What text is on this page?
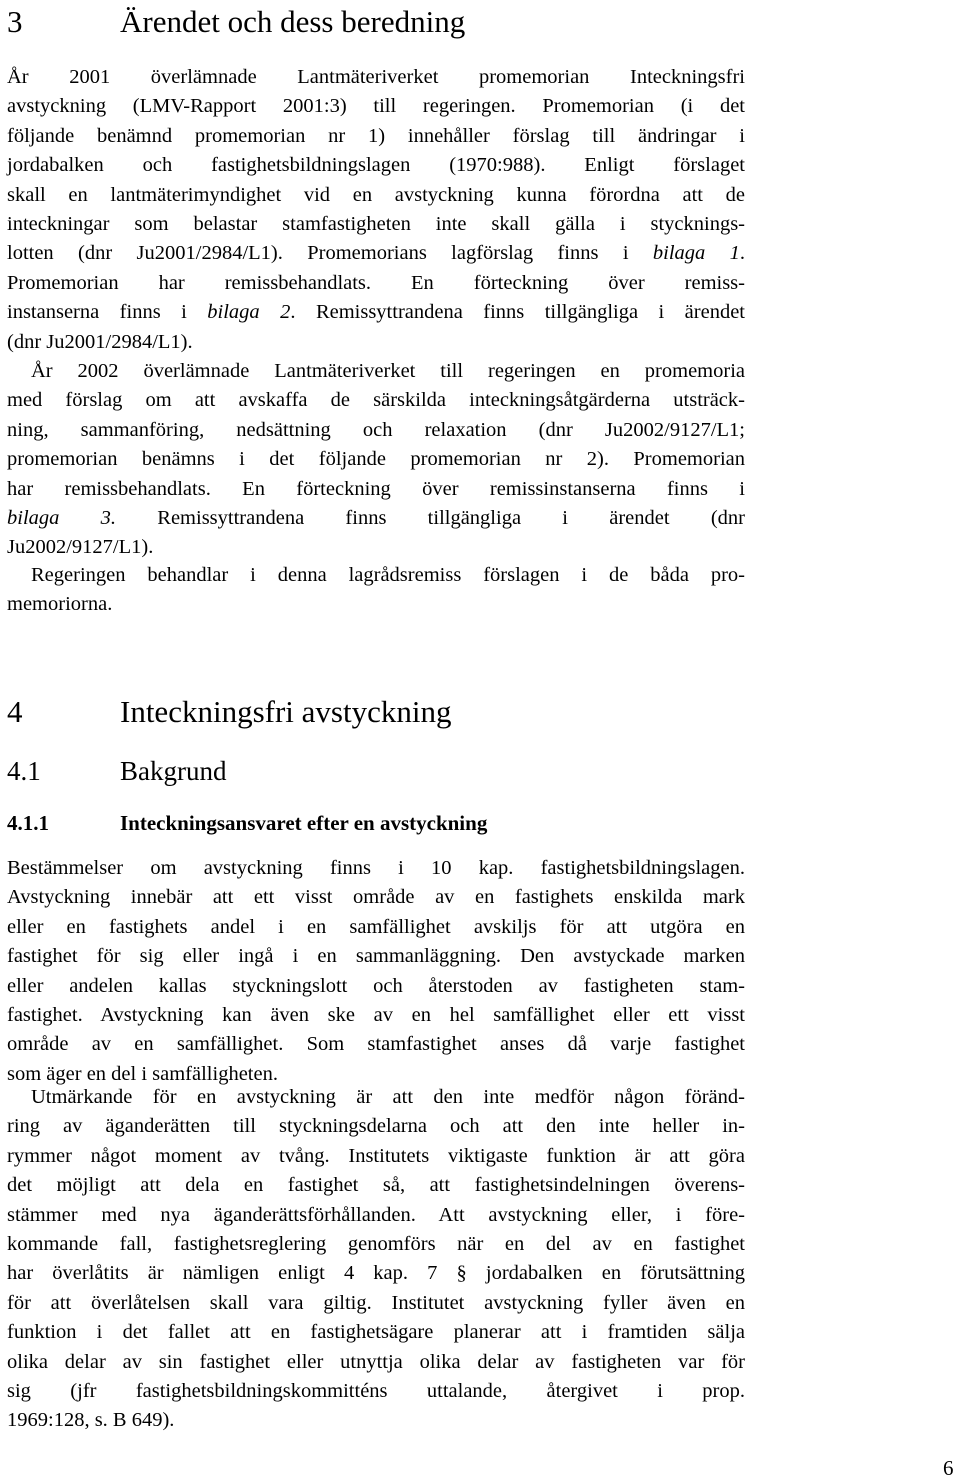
3	Ärendet och dess beredning
År 2001 överlämnade Lantmäteriverket promemorian Inteckningsfri
avstyckning (LMV-Rapport 2001:3) till regeringen. Promemorian (i det
följande benämnd promemorian nr 1) innehåller förslag till ändringar i
jordabalken och fastighetsbildningslagen (1970:988). Enligt förslaget
skall en lantmäterimyndighet vid en avstyckning kunna förordna att de
inteckningar som belastar stamfastigheten inte skall gälla i stycknings-
lotten (dnr Ju2001/2984/L1). Promemorians lagförslag finns i bilaga 1.
Promemorian har remissbehandlats. En förteckning över remiss-
instanserna finns i bilaga 2. Remissyttrandena finns tillgängliga i ärendet
(dnr Ju2001/2984/L1).
År 2002 överlämnade Lantmäteriverket till regeringen en promemoria
med förslag om att avskaffa de särskilda inteckningsåtgärderna utsträck-
ning, sammanföring, nedsättning och relaxation (dnr Ju2002/9127/L1;
promemorian benämns i det följande promemorian nr 2). Promemorian
har remissbehandlats. En förteckning över remissinstanserna finns i
bilaga 3. Remissyttrandena finns tillgängliga i ärendet (dnr
Ju2002/9127/L1).
Regeringen behandlar i denna lagrådsremiss förslagen i de båda pro-
memoriorna.
4	Inteckningsfri avstyckning
4.1	Bakgrund
4.1.1	Inteckningsansvaret efter en avstyckning
Bestämmelser om avstyckning finns i 10 kap. fastighetsbildningslagen.
Avstyckning innebär att ett visst område av en fastighets enskilda mark
eller en fastighets andel i en samfällighet avskiljs för att utgöra en
fastighet för sig eller ingå i en sammanläggning. Den avstyckade marken
eller andelen kallas styckningslott och återstoden av fastigheten stam-
fastighet. Avstyckning kan även ske av en hel samfällighet eller ett visst
område av en samfällighet. Som stamfastighet anses då varje fastighet
som äger en del i samfälligheten.
Utmärkande för en avstyckning är att den inte medför någon föränd-
ring av äganderätten till styckningsdelarna och att den inte heller in-
rymmer något moment av tvång. Institutets viktigaste funktion är att göra
det möjligt att dela en fastighet så, att fastighetsindelningen överens-
stämmer med nya äganderättsförhållanden. Att avstyckning eller, i före-
kommande fall, fastighetsreglering genomförs när en del av en fastighet
har överlåtits är nämligen enligt 4 kap. 7 § jordabalken en förutsättning
för att överlåtelsen skall vara giltig. Institutet avstyckning fyller även en
funktion i det fallet att en fastighetsägare planerar att i framtiden sälja
olika delar av sin fastighet eller utnyttja olika delar av fastigheten var för
sig (jfr fastighetsbildningskommitténs uttalande, återgivet i prop.
1969:128, s. B 649).
6
